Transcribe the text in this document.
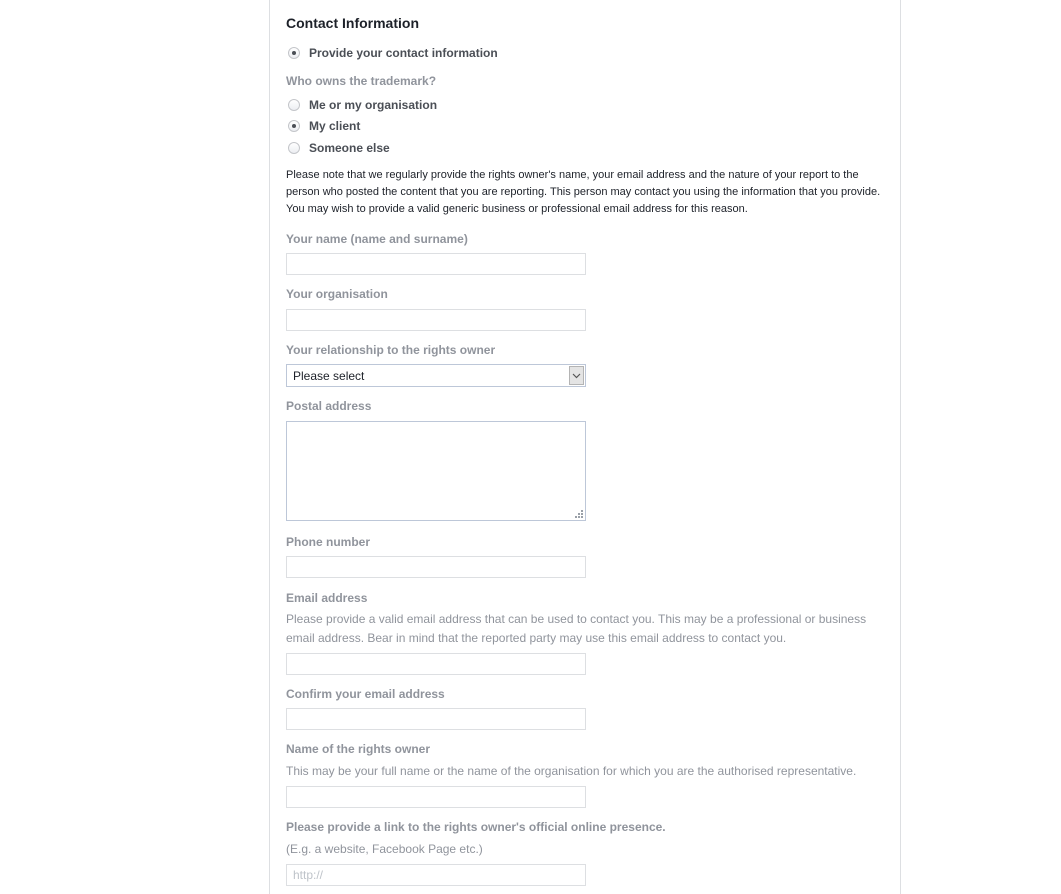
Contact Information
Provide your contact information
Who owns the trademark?
Me or my organisation
My client
Someone else
Please note that we regularly provide the rights owner's name, your email address and the nature of your report to the person who posted the content that you are reporting. This person may contact you using the information that you provide. You may wish to provide a valid generic business or professional email address for this reason.
Your name (name and surname)
Your organisation
Your relationship to the rights owner
Please select
Postal address
Phone number
Email address
Please provide a valid email address that can be used to contact you. This may be a professional or business email address. Bear in mind that the reported party may use this email address to contact you.
Confirm your email address
Name of the rights owner
This may be your full name or the name of the organisation for which you are the authorised representative.
Please provide a link to the rights owner's official online presence.
(E.g. a website, Facebook Page etc.)
http://
